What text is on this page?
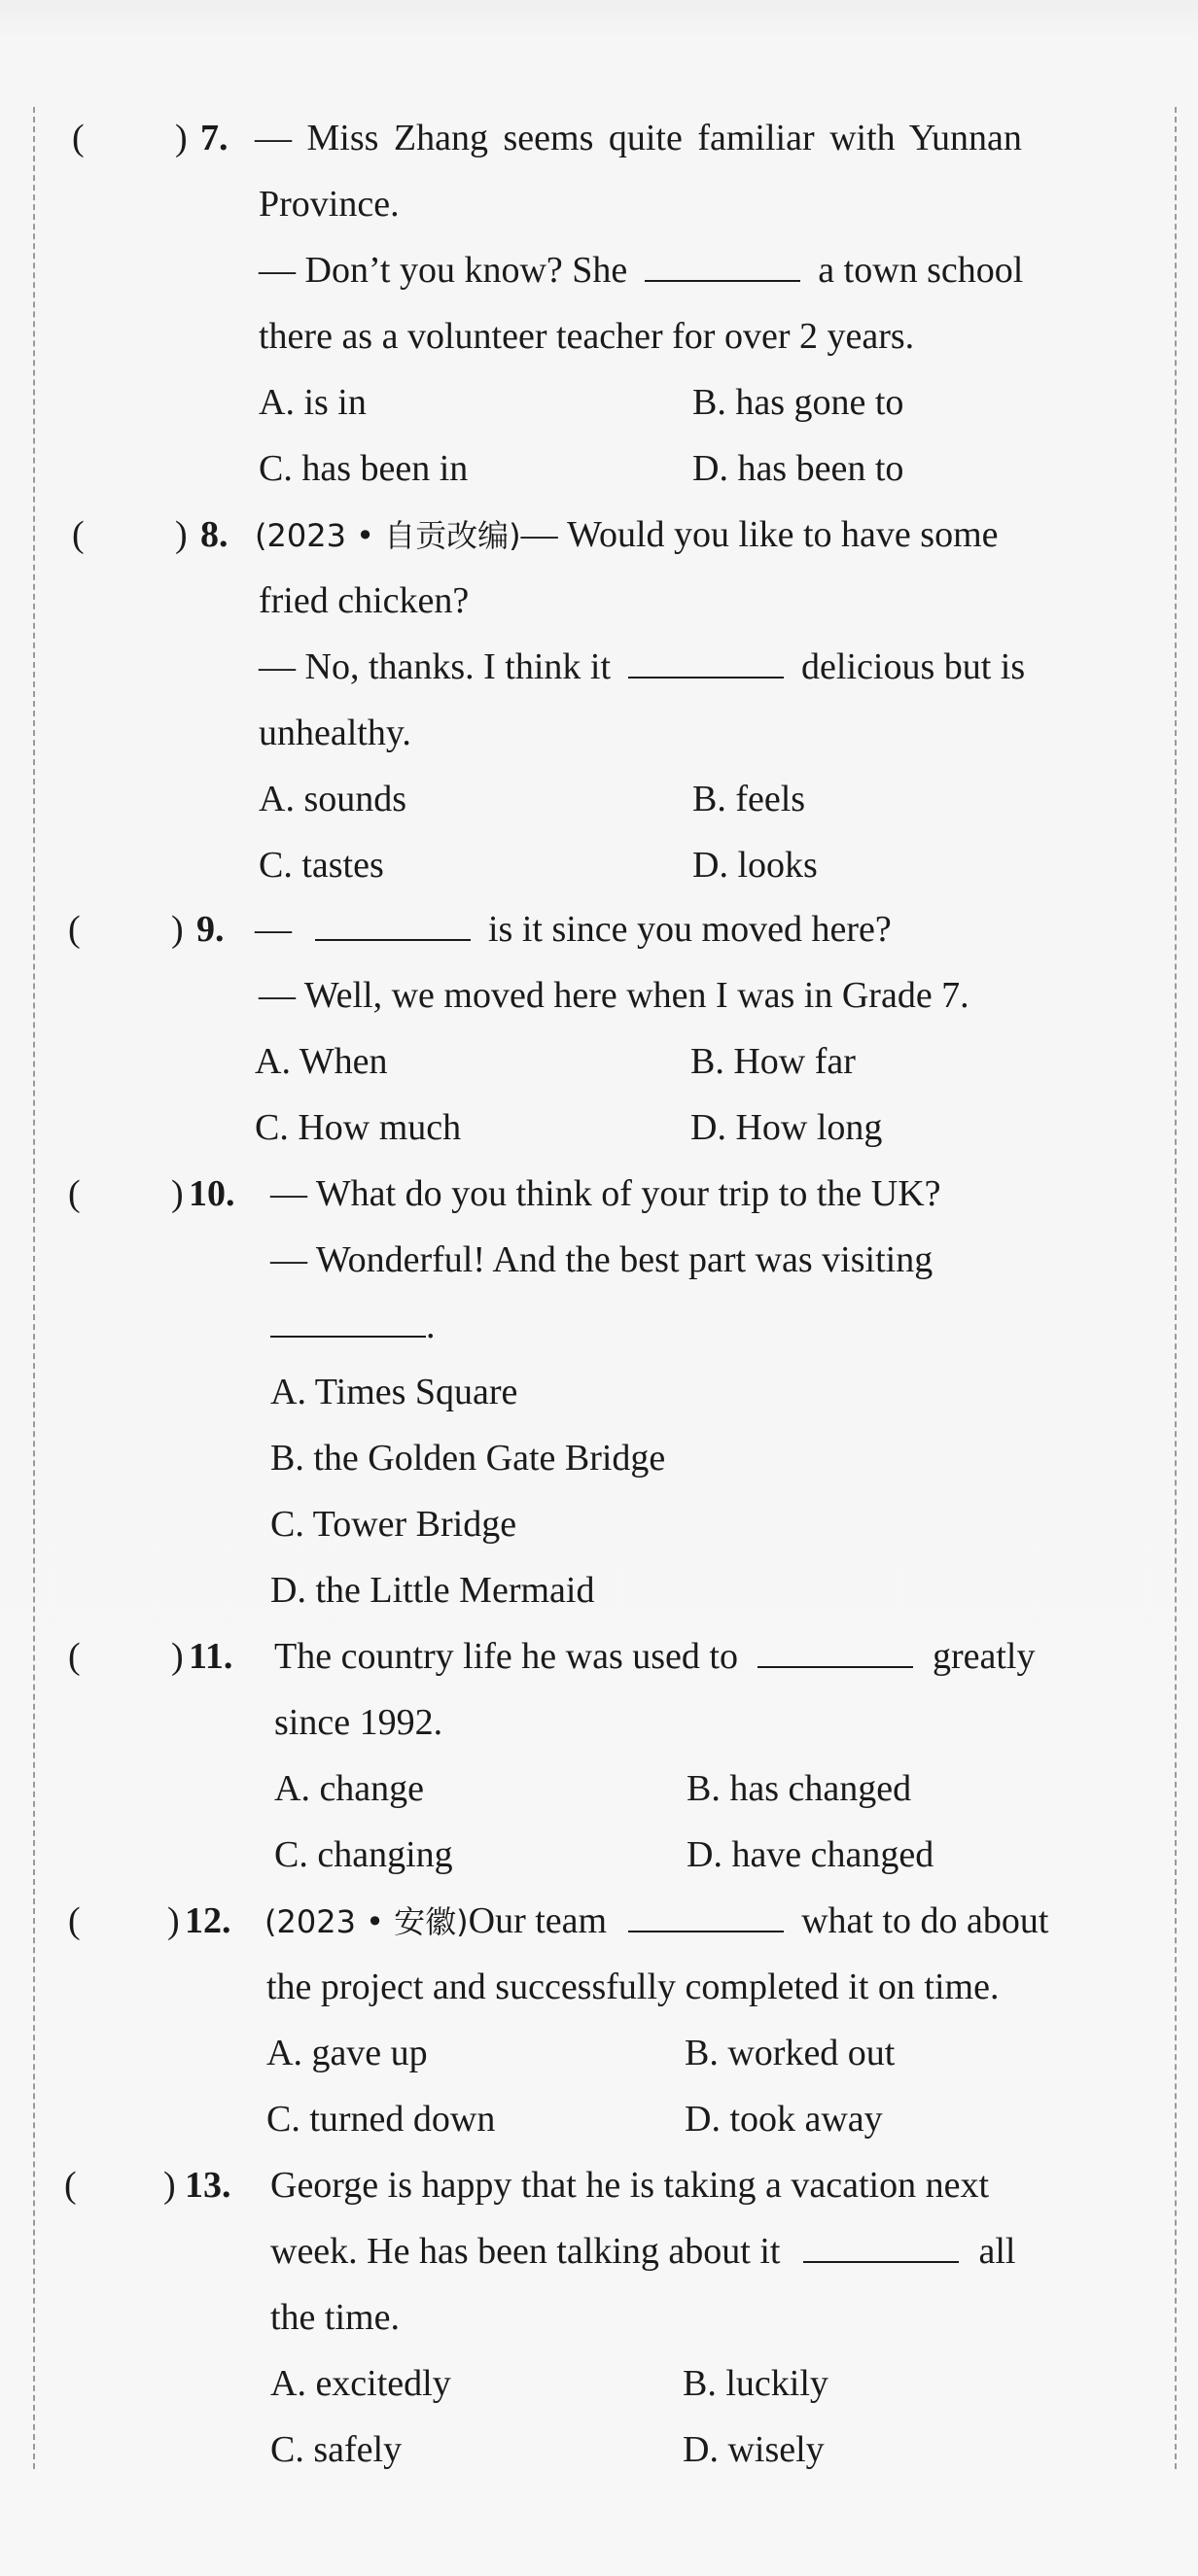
( ) 7. — Miss Zhang seems quite familiar with Yunnan
Province.
— Don’t you know? She	a town school
there as a volunteer teacher for over 2 years.
A. is in	B. has gone to
C. has been in	D. has been to
( ) 8. (2023 • 自贡改编)— Would you like to have some
fried chicken?
— No, thanks. I think it	delicious but is
unhealthy.
A. sounds	B. feels
C. tastes	D. looks
( ) 9. —	is it since you moved here?
— Well, we moved here when I was in Grade 7.
A. When	B. How far
C. How much	D. How long
( ) 10. — What do you think of your trip to the UK?
— Wonderful! And the best part was visiting
.
A. Times Square
B. the Golden Gate Bridge
C. Tower Bridge
D. the Little Mermaid
( ) 11. The country life he was used to	greatly
since 1992.
A. change	B. has changed
C. changing	D. have changed
( ) 12. (2023 • 安徽)Our team	what to do about
the project and successfully completed it on time.
A. gave up	B. worked out
C. turned down	D. took away
( ) 13. George is happy that he is taking a vacation next
week. He has been talking about it	all
the time.
A. excitedly	B. luckily
C. safely	D. wisely
